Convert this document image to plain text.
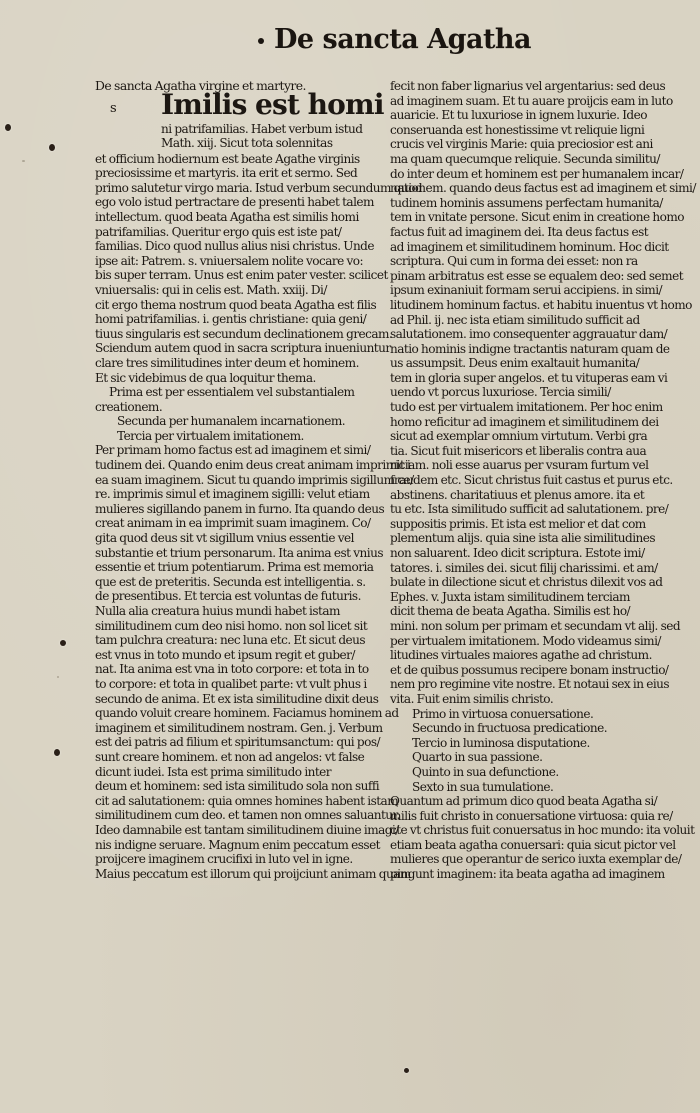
De sancta Agatha
De sancta Agatha virgine et martyre.
s Imilis est homi
ni patrifamilias. Habet verbum istud
Math. xiij. Sicut tota solennitas
et officium hodiernum est beate Agathe virginis
preciosissime et martyris. ita erit et sermo. Sed
primo salutetur virgo maria. Istud verbum secundum quod
ego volo istud pertractare de presenti habet talem
intellectum. quod beata Agatha est similis homi
patrifamilias. Queritur ergo quis est iste pat/
familias. Dico quod nullus alius nisi christus. Unde
ipse ait: Patrem. s. vniuersalem nolite vocare vo:
bis super terram. Unus est enim pater vester. scilicet
vniuersalis: qui in celis est. Math. xxiij. Di/
cit ergo thema nostrum quod beata Agatha est filis
homi patrifamilias. i. gentis christiane: quia geni/
tiuus singularis est secundum declinationem grecam.
Sciendum autem quod in sacra scriptura inueniuntur
clare tres similitudines inter deum et hominem.
Et sic videbimus de qua loquitur thema.
Prima est per essentialem vel substantialem
creationem.
Secunda per humanalem incarnationem.
Tercia per virtualem imitationem.
Per primam homo factus est ad imaginem et simi/
tudinem dei. Quando enim deus creat animam imprimit i
ea suam imaginem. Sicut tu quando imprimis sigillum ce/
re. imprimis simul et imaginem sigilli: velut etiam
mulieres sigillando panem in furno. Ita quando deus
creat animam in ea imprimit suam imaginem. Co/
gita quod deus sit vt sigillum vnius essentie vel
substantie et trium personarum. Ita anima est vnius
essentie et trium potentiarum. Prima est memoria
que est de preteritis. Secunda est intelligentia. s.
de presentibus. Et tercia est voluntas de futuris.
Nulla alia creatura huius mundi habet istam
similitudinem cum deo nisi homo. non sol licet sit
tam pulchra creatura: nec luna etc. Et sicut deus
est vnus in toto mundo et ipsum regit et guber/
nat. Ita anima est vna in toto corpore: et tota in to
to corpore: et tota in qualibet parte: vt vult phus i
secundo de anima. Et ex ista similitudine dixit deus
quando voluit creare hominem. Faciamus hominem ad
imaginem et similitudinem nostram. Gen. j. Verbum
est dei patris ad filium et spiritumsanctum: qui pos/
sunt creare hominem. et non ad angelos: vt false
dicunt iudei. Ista est prima similitudo inter
deum et hominem: sed ista similitudo sola non suffi
cit ad salutationem: quia omnes homines habent istam
similitudinem cum deo. et tamen non omnes saluantur.
Ideo damnabile est tantam similitudinem diuine imagi/
nis indigne seruare. Magnum enim peccatum esset
proijcere imaginem crucifixi in luto vel in igne.
Maius peccatum est illorum qui proijciunt animam quam
fecit non faber lignarius vel argentarius: sed deus
ad imaginem suam. Et tu auare proijcis eam in luto
auaricie. Et tu luxuriose in ignem luxurie. Ideo
conseruanda est honestissime vt reliquie ligni
crucis vel virginis Marie: quia preciosior est ani
ma quam quecumque reliquie. Secunda similitu/
do inter deum et hominem est per humanalem incar/
nationem. quando deus factus est ad imaginem et simi/
tudinem hominis assumens perfectam humanita/
tem in vnitate persone. Sicut enim in creatione homo
factus fuit ad imaginem dei. Ita deus factus est
ad imaginem et similitudinem hominum. Hoc dicit
scriptura. Qui cum in forma dei esset: non ra
pinam arbitratus est esse se equalem deo: sed semet
ipsum exinaniuit formam serui accipiens. in simi/
litudinem hominum factus. et habitu inuentus vt homo
ad Phil. ij. nec ista etiam similitudo sufficit ad
salutationem. imo consequenter aggrauatur dam/
natio hominis indigne tractantis naturam quam de
us assumpsit. Deus enim exaltauit humanita/
tem in gloria super angelos. et tu vituperas eam vi
uendo vt porcus luxuriose. Tercia simili/
tudo est per virtualem imitationem. Per hoc enim
homo reficitur ad imaginem et similitudinem dei
sicut ad exemplar omnium virtutum. Verbi gra
tia. Sicut fuit misericors et liberalis contra aua
riciam. noli esse auarus per vsuram furtum vel
fraudem etc. Sicut christus fuit castus et purus etc.
abstinens. charitatiuus et plenus amore. ita et
tu etc. Ista similitudo sufficit ad salutationem. pre/
suppositis primis. Et ista est melior et dat com
plementum alijs. quia sine ista alie similitudines
non saluarent. Ideo dicit scriptura. Estote imi/
tatores. i. similes dei. sicut filij charissimi. et am/
bulate in dilectione sicut et christus dilexit vos ad
Ephes. v. Juxta istam similitudinem terciam
dicit thema de beata Agatha. Similis est ho/
mini. non solum per primam et secundam vt alij. sed
per virtualem imitationem. Modo videamus simi/
litudines virtuales maiores agathe ad christum.
et de quibus possumus recipere bonam instructio/
nem pro regimine vite nostre. Et notaui sex in eius
vita. Fuit enim similis christo.
Primo in virtuosa conuersatione.
Secundo in fructuosa predicatione.
Tercio in luminosa disputatione.
Quarto in sua passione.
Quinto in sua defunctione.
Sexto in sua tumulatione.
Quantum ad primum dico quod beata Agatha si/
milis fuit christo in conuersatione virtuosa: quia re/
cte vt christus fuit conuersatus in hoc mundo: ita voluit
etiam beata agatha conuersari: quia sicut pictor vel
mulieres que operantur de serico iuxta exemplar de/
pingunt imaginem: ita beata agatha ad imaginem
